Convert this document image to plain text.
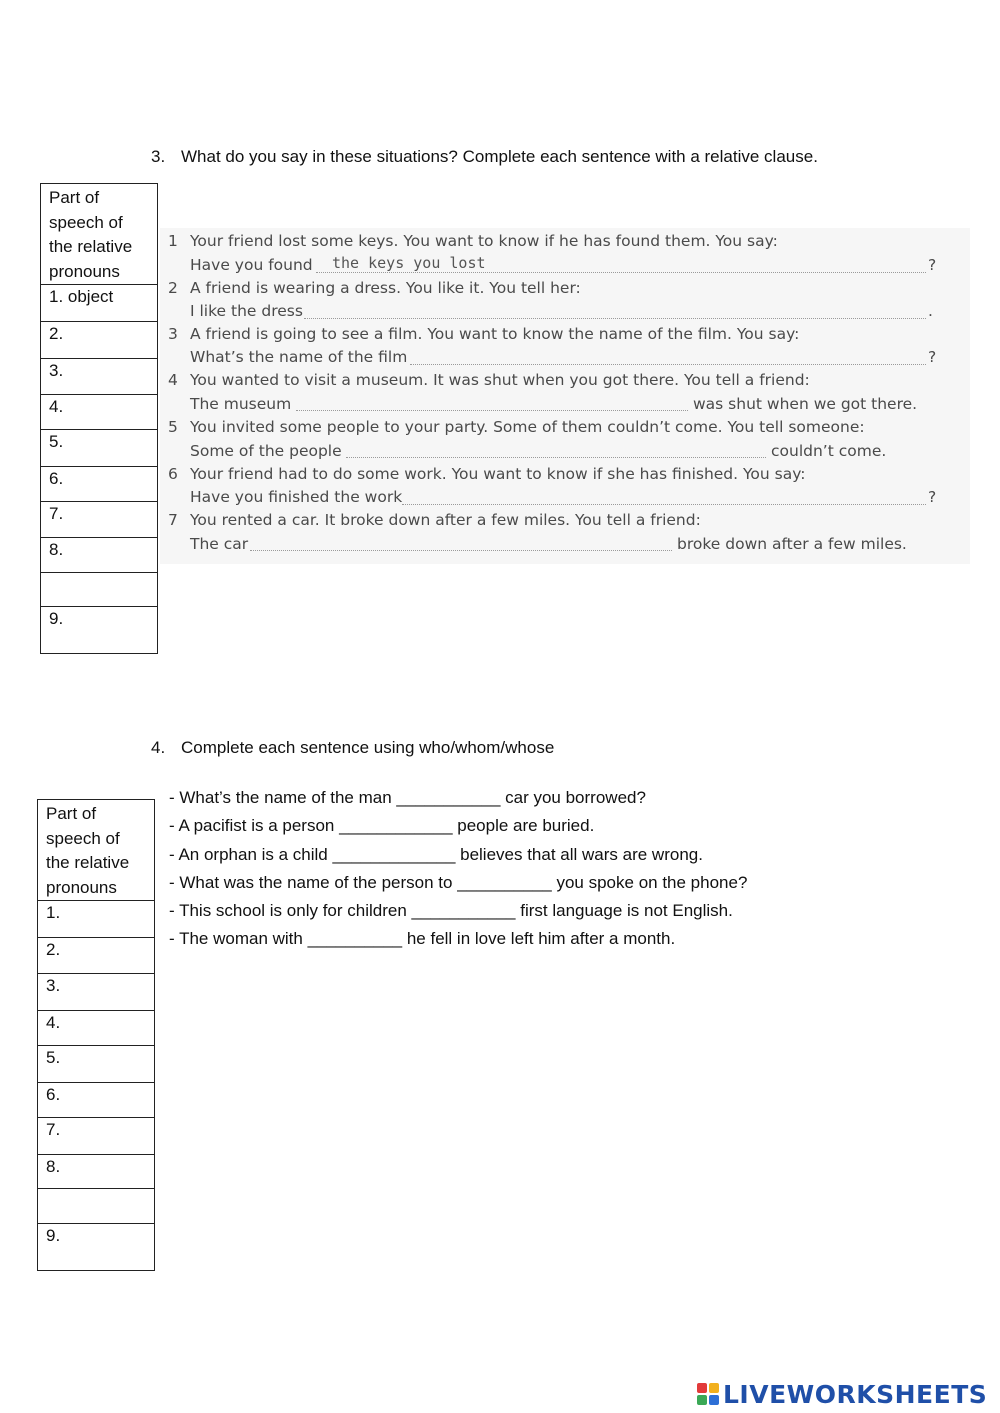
3. What do you say in these situations? Complete each sentence with a relative clause.
Part of
speech of
the relative
pronouns

1. object
2.
3.
4.
5.
6.
7.
8.

9.
1 Your friend lost some keys. You want to know if he has found them. You say:
Have you found the keys you lost	?
2 A friend is wearing a dress. You like it. You tell her:
I like the dress	.
3 A friend is going to see a film. You want to know the name of the film. You say:
What’s the name of the film	?
4 You wanted to visit a museum. It was shut when you got there. You tell a friend:
The museum	was shut when we got there.
5 You invited some people to your party. Some of them couldn’t come. You tell someone:
Some of the people	couldn’t come.
6 Your friend had to do some work. You want to know if she has finished. You say:
Have you finished the work	?
7 You rented a car. It broke down after a few miles. You tell a friend:
The car	broke down after a few miles.
4. Complete each sentence using who/whom/whose
Part of
speech of
the relative
pronouns

1.
2.
3.
4.
5.
6.
7.
8.

9.
- What’s the name of the man ___________ car you borrowed?
- A pacifist is a person ____________ people are buried.
- An orphan is a child _____________ believes that all wars are wrong.
- What was the name of the person to __________ you spoke on the phone?
- This school is only for children ___________ first language is not English.
- The woman with __________ he fell in love left him after a month.
LIVEWORKSHEETS
